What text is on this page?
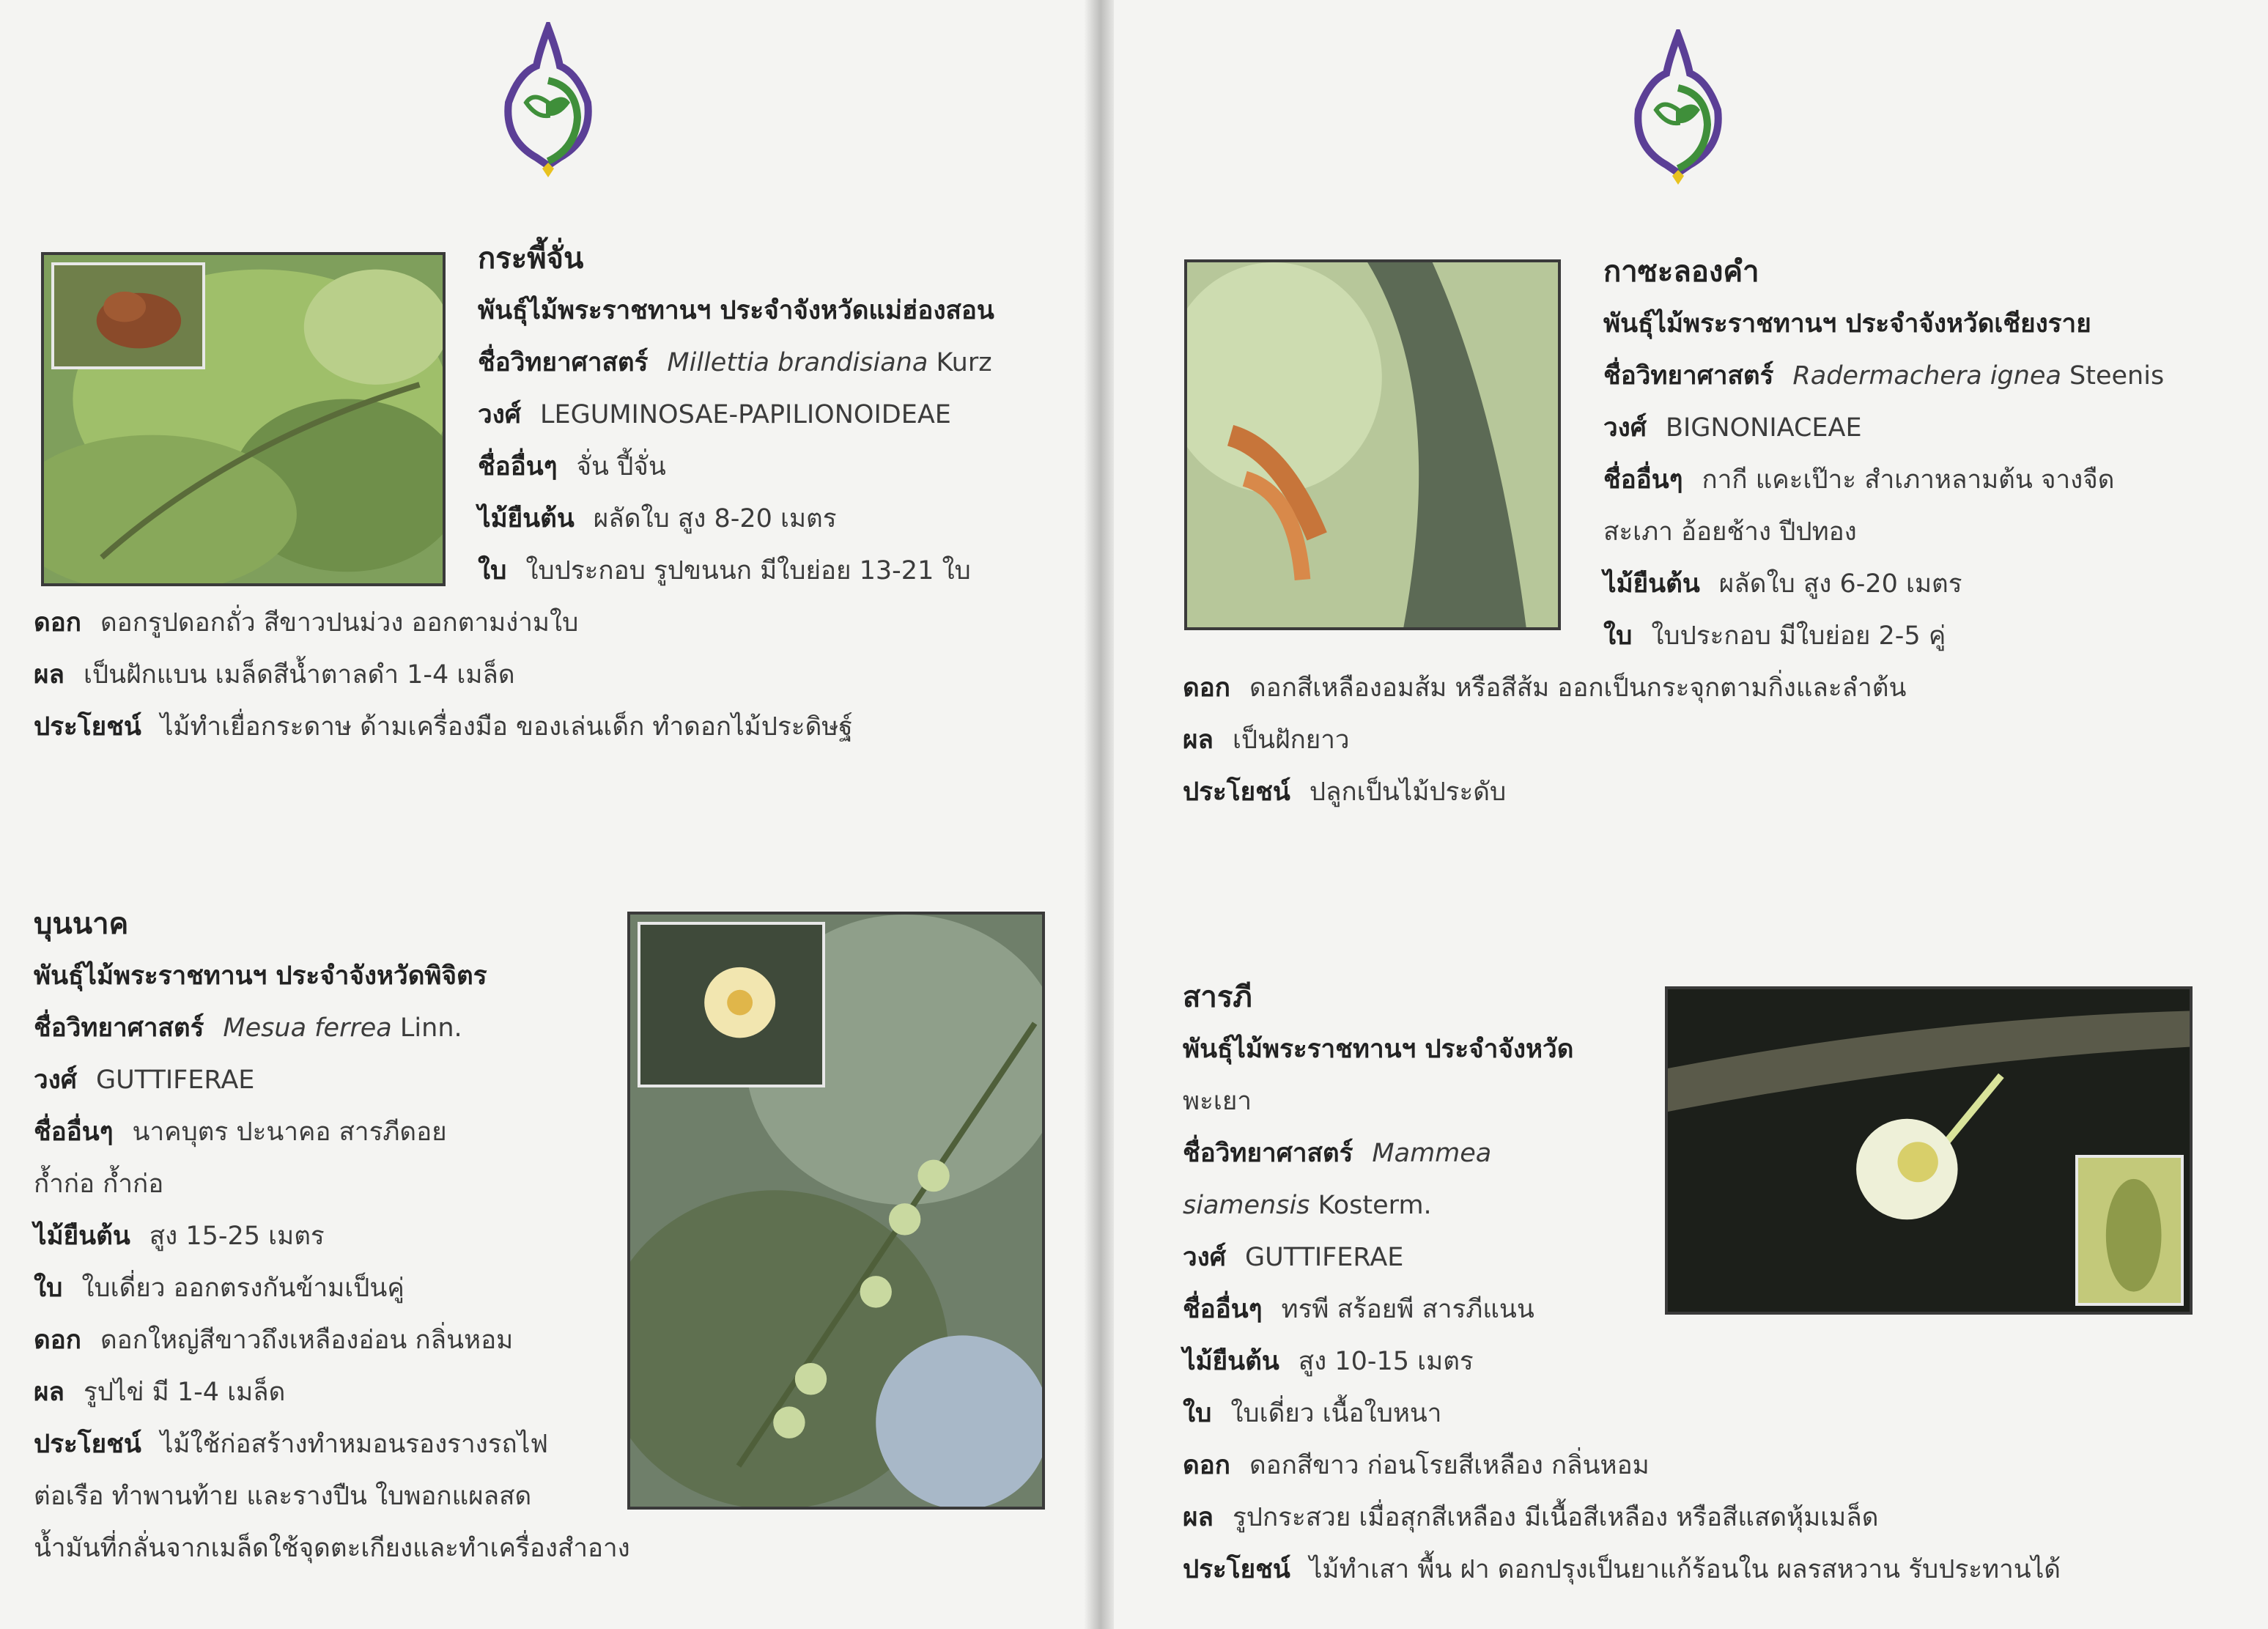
กระพี้จั่น
พันธุ์ไม้พระราชทานฯ ประจำจังหวัดแม่ฮ่องสอน
ชื่อวิทยาศาสตร์ Millettia brandisiana Kurz
วงศ์ LEGUMINOSAE-PAPILIONOIDEAE
ชื่ออื่นๆ จั่น ปี้จั่น
ไม้ยืนต้น ผลัดใบ สูง 8-20 เมตร
ใบ ใบประกอบ รูปขนนก มีใบย่อย 13-21 ใบ
ดอก ดอกรูปดอกถั่ว สีขาวปนม่วง ออกตามง่ามใบ
ผล เป็นฝักแบน เมล็ดสีน้ำตาลดำ 1-4 เมล็ด
ประโยชน์ ไม้ทำเยื่อกระดาษ ด้ามเครื่องมือ ของเล่นเด็ก ทำดอกไม้ประดิษฐ์
บุนนาค
พันธุ์ไม้พระราชทานฯ ประจำจังหวัดพิจิตร
ชื่อวิทยาศาสตร์ Mesua ferrea Linn.
วงศ์ GUTTIFERAE
ชื่ออื่นๆ นาคบุตร ปะนาคอ สารภีดอย
ก้ำก่อ ก้ำก่อ
ไม้ยืนต้น สูง 15-25 เมตร
ใบ ใบเดี่ยว ออกตรงกันข้ามเป็นคู่
ดอก ดอกใหญ่สีขาวถึงเหลืองอ่อน กลิ่นหอม
ผล รูปไข่ มี 1-4 เมล็ด
ประโยชน์ ไม้ใช้ก่อสร้างทำหมอนรองรางรถไฟ
ต่อเรือ ทำพานท้าย และรางปืน ใบพอกแผลสด
น้ำมันที่กลั่นจากเมล็ดใช้จุดตะเกียงและทำเครื่องสำอาง
กาซะลองคำ
พันธุ์ไม้พระราชทานฯ ประจำจังหวัดเชียงราย
ชื่อวิทยาศาสตร์ Radermachera ignea Steenis
วงศ์ BIGNONIACEAE
ชื่ออื่นๆ กากี แคะเป๊าะ สำเภาหลามต้น จางจืด
สะเภา อ้อยช้าง ปีปทอง
ไม้ยืนต้น ผลัดใบ สูง 6-20 เมตร
ใบ ใบประกอบ มีใบย่อย 2-5 คู่
ดอก ดอกสีเหลืองอมส้ม หรือสีส้ม ออกเป็นกระจุกตามกิ่งและลำต้น
ผล เป็นฝักยาว
ประโยชน์ ปลูกเป็นไม้ประดับ
สารภี
พันธุ์ไม้พระราชทานฯ ประจำจังหวัด
พะเยา
ชื่อวิทยาศาสตร์ Mammea
siamensis Kosterm.
วงศ์ GUTTIFERAE
ชื่ออื่นๆ ทรพี สร้อยพี สารภีแนน
ไม้ยืนต้น สูง 10-15 เมตร
ใบ ใบเดี่ยว เนื้อใบหนา
ดอก ดอกสีขาว ก่อนโรยสีเหลือง กลิ่นหอม
ผล รูปกระสวย เมื่อสุกสีเหลือง มีเนื้อสีเหลือง หรือสีแสดหุ้มเมล็ด
ประโยชน์ ไม้ทำเสา พื้น ฝา ดอกปรุงเป็นยาแก้ร้อนใน ผลรสหวาน รับประทานได้
